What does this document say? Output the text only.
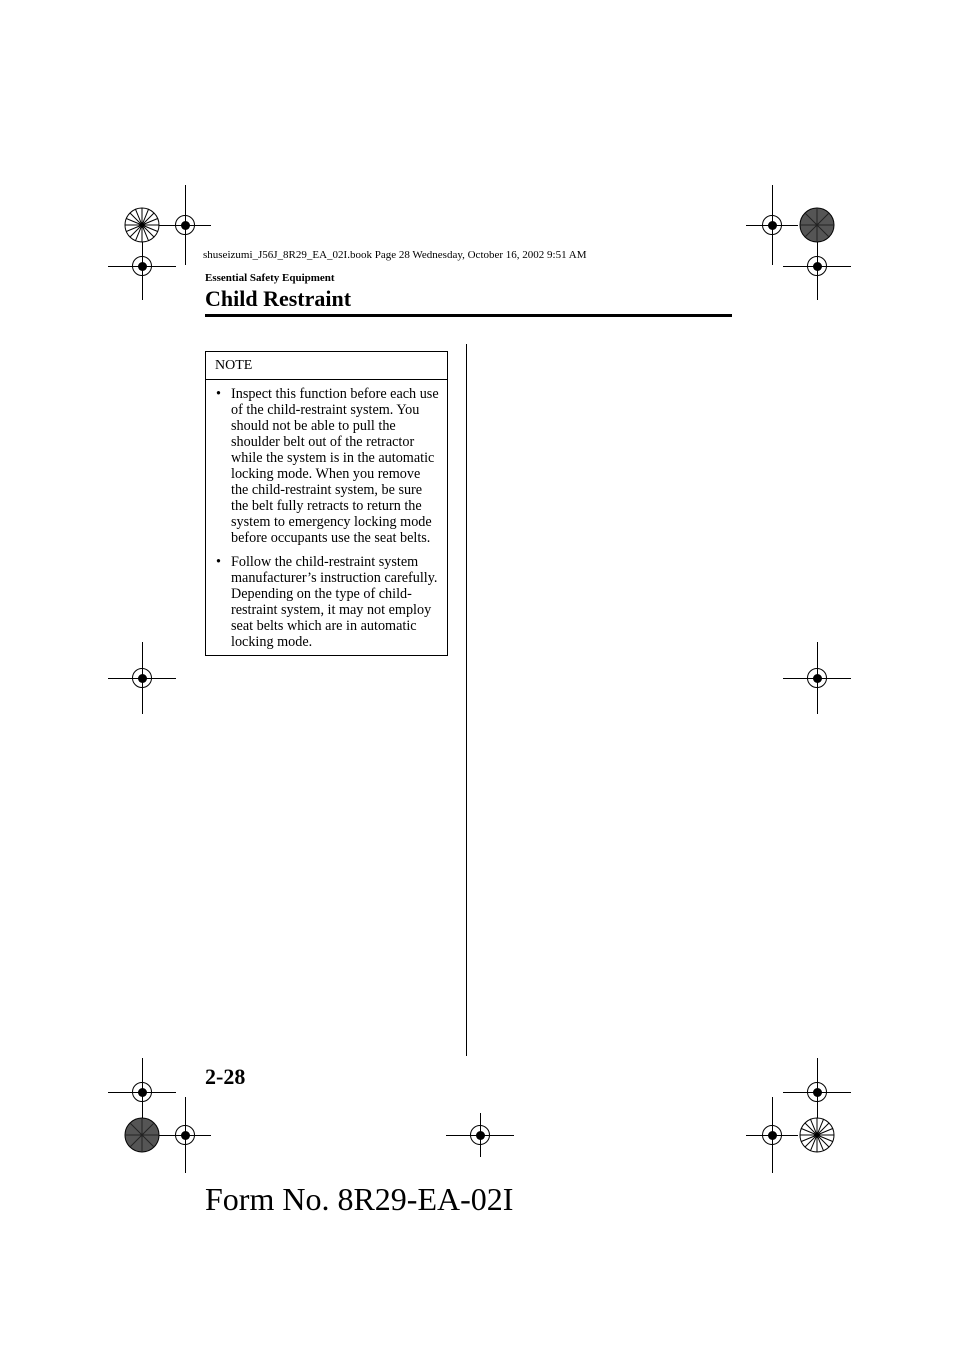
shuseizumi_J56J_8R29_EA_02I.book Page 28 Wednesday, October 16, 2002 9:51 AM
Essential Safety Equipment
Child Restraint
NOTE
• Inspect this function before each use of the child-restraint system. You should not be able to pull the shoulder belt out of the retractor while the system is in the automatic locking mode. When you remove the child-restraint system, be sure the belt fully retracts to return the system to emergency locking mode before occupants use the seat belts.
• Follow the child-restraint system manufacturer’s instruction carefully. Depending on the type of child-restraint system, it may not employ seat belts which are in automatic locking mode.
2-28
Form No. 8R29-EA-02I
